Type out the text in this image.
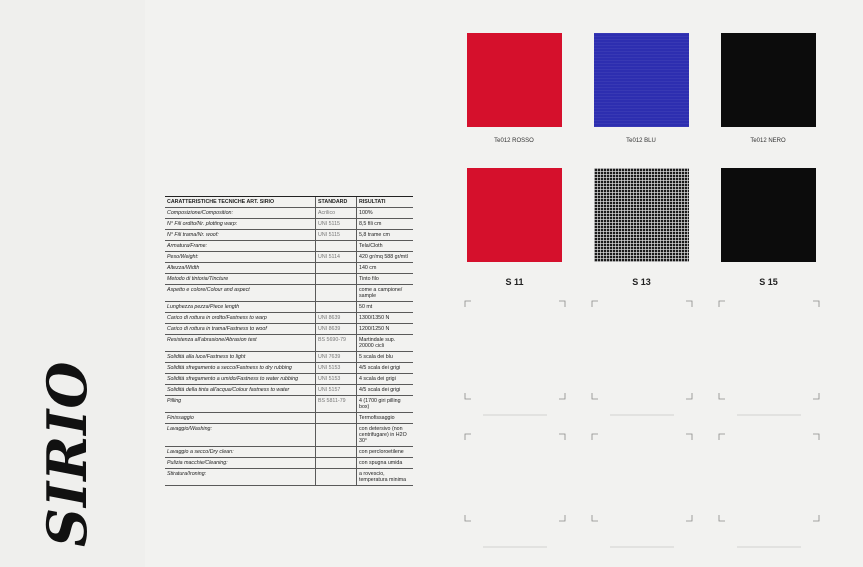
SIRIO
Te012 ROSSO	Te012 BLU	Te012 NERO
S 11	S 13	S 15
CARATTERISTICHE TECNICHE ART. SIRIO	STANDARD	RISULTATI
Composizione/Composition:	Acrilico	100%
N° Fili ordito/Nr. plotting warp:	UNI 5115	8,5 fili cm
N° Fili trama/Nr. woof:	UNI 5115	5,8 trame cm
Armatura/Frame:		Tela/Cloth
Peso/Weight:	UNI 5114	420 gr/mq 588 gr/mtl
Altezza/Width		140 cm
Metodo di tintoria/Tincture		Tinto filo
Aspetto e colore/Colour and aspect		come a campione/ sample
Lunghezza pezza/Piece length		50 mt
Carico di rottura in ordito/Fastness to warp	UNI 8639	1300/1350 N
Carico di rottura in trama/Fastness to woof	UNI 8639	1200/1250 N
Resistenza all'abrasione/Abrasion test	BS 5690-79	Martindale sup. 20000 cicli
Solidità alla luce/Fastness to light	UNI 7639	5 scala dei blu
Solidità sfregamento a secco/Fastness to dry rubbing	UNI 5153	4/5 scala dei grigi
Solidità sfregamento a umido/Fastness to water rubbing	UNI 5153	4 scala dei grigi
Solidità della tinta all'acqua/Colour fastness to water	UNI 5157	4/5 scala dei grigi
Pilling	BS 5811-79	4 (1700 giri pilling box)
Finissaggio		Termofissaggio
Lavaggio/Washing:		con detersivo (non centrifugare) in H2O 30°
Lavaggio a secco/Dry clean:		con percloroetilene
Pulizia macchie/Cleaning:		con spugna umida
Stiratura/Ironing:		a rovescio, temperatura minima
